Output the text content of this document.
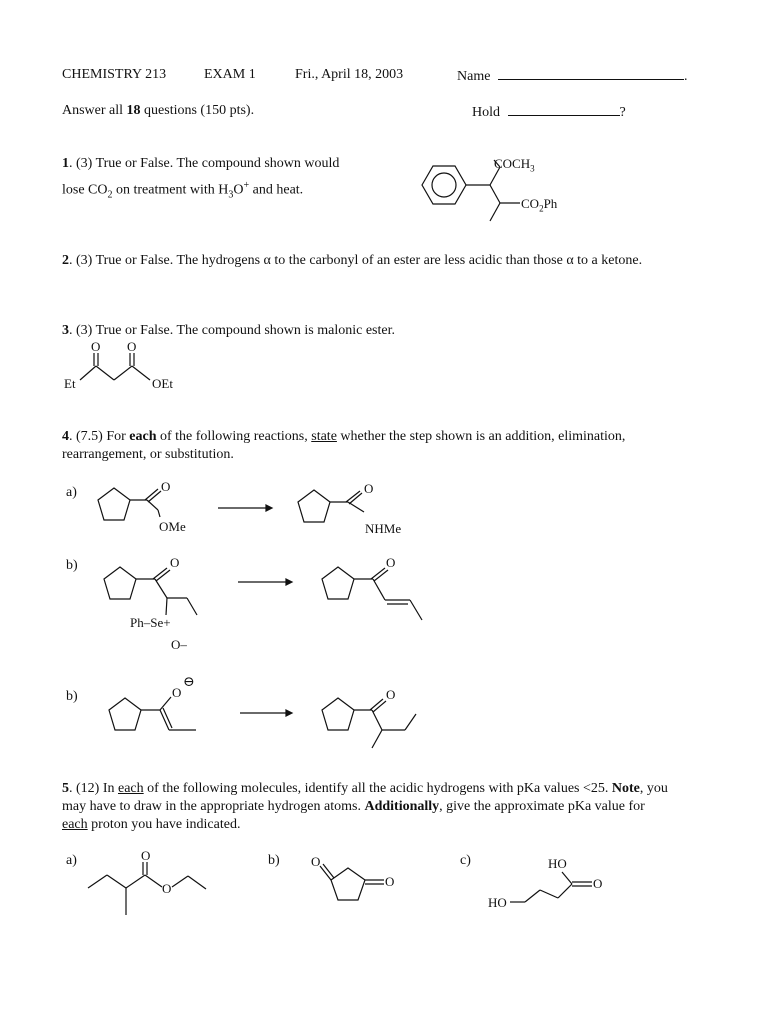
CHEMISTRY 213	EXAM 1	Fri., April 18, 2003	Name	.
Answer all 18 questions (150 pts).	Hold	?
1. (3) True or False. The compound shown would
lose $CO_2$ on treatment with $H_3O^+$ and heat.
$COCH_3$
$CO_2Ph$
2. (3) True or False. The hydrogens α to the carbonyl of an ester are less acidic than those α to a ketone.
3. (3) True or False. The compound shown is malonic ester.
O O
Et	OEt
4. (7.5) For each of the following reactions, state whether the step shown is an addition, elimination,
rearrangement, or substitution.
a)
b)
b)
O
OMe
O
NHMe
O
Ph–Se+
O–
O
O
⊖
O
5. (12) In each of the following molecules, identify all the acidic hydrogens with pKa values <25. Note, you
may have to draw in the appropriate hydrogen atoms. Additionally, give the approximate pKa value for
each proton you have indicated.
a)	b)	c)
O
O
O
O
HO
O
HO
